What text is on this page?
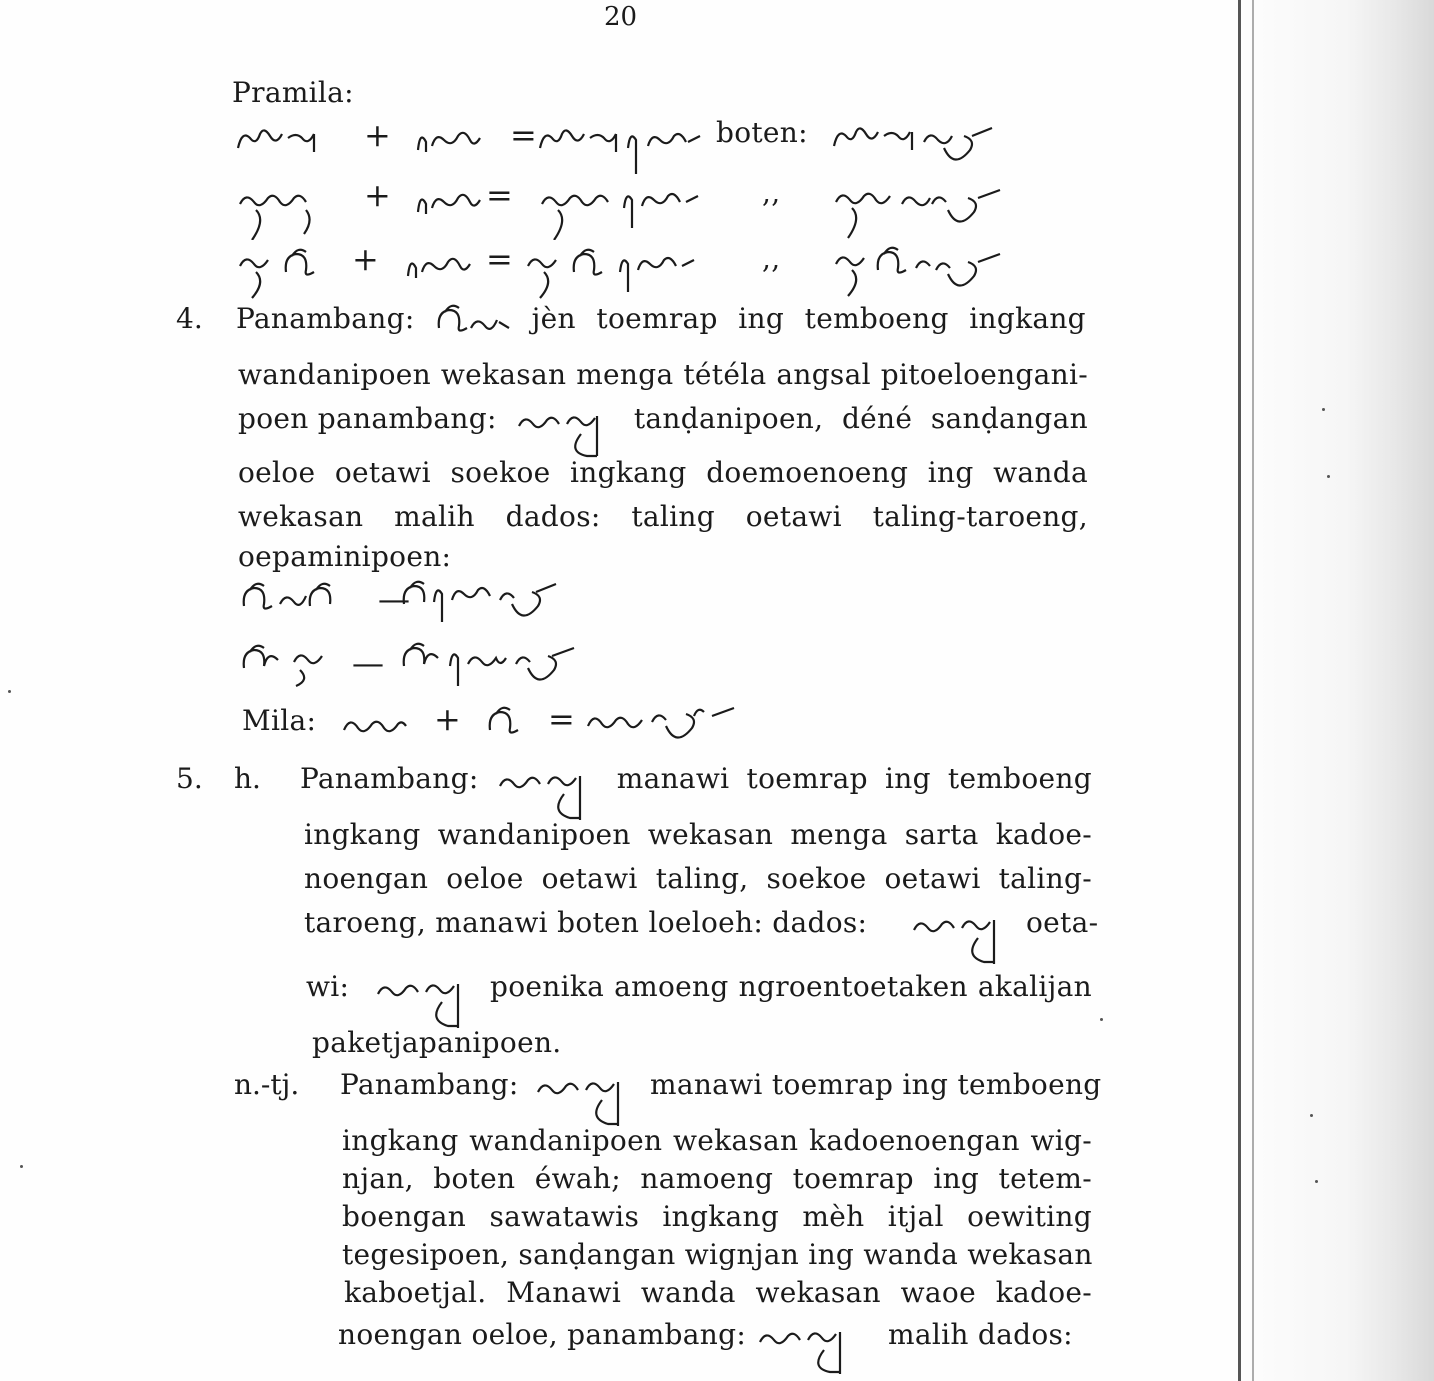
20
Pramila:
+	=	boten:
+	=	,,
+	=	,,
4. Panambang:	jèn toemrap ing temboeng ingkang
wandanipoen wekasan menga tétéla angsal pitoeloengani-
poen panambang:	tanḍanipoen, déné sanḍangan
oeloe oetawi soekoe ingkang doemoenoeng ing wanda
wekasan malih dados: taling oetawi taling-taroeng,
oepaminipoen:
—
—
Mila:	+	=
5. h. Panambang:	manawi toemrap ing temboeng
ingkang wandanipoen wekasan menga sarta kadoe-
noengan oeloe oetawi taling, soekoe oetawi taling-
taroeng, manawi boten loeloeh: dados:	oeta-
wi:	poenika amoeng ngroentoetaken akalijan
paketjapanipoen.
n.-tj. Panambang:	manawi toemrap ing temboeng
ingkang wandanipoen wekasan kadoenoengan wig-
njan, boten éwah; namoeng toemrap ing tetem-
boengan sawatawis ingkang mèh itjal oewiting
tegesipoen, sanḍangan wignjan ing wanda wekasan
kaboetjal. Manawi wanda wekasan waoe kadoe-
noengan oeloe, panambang:	malih dados:
